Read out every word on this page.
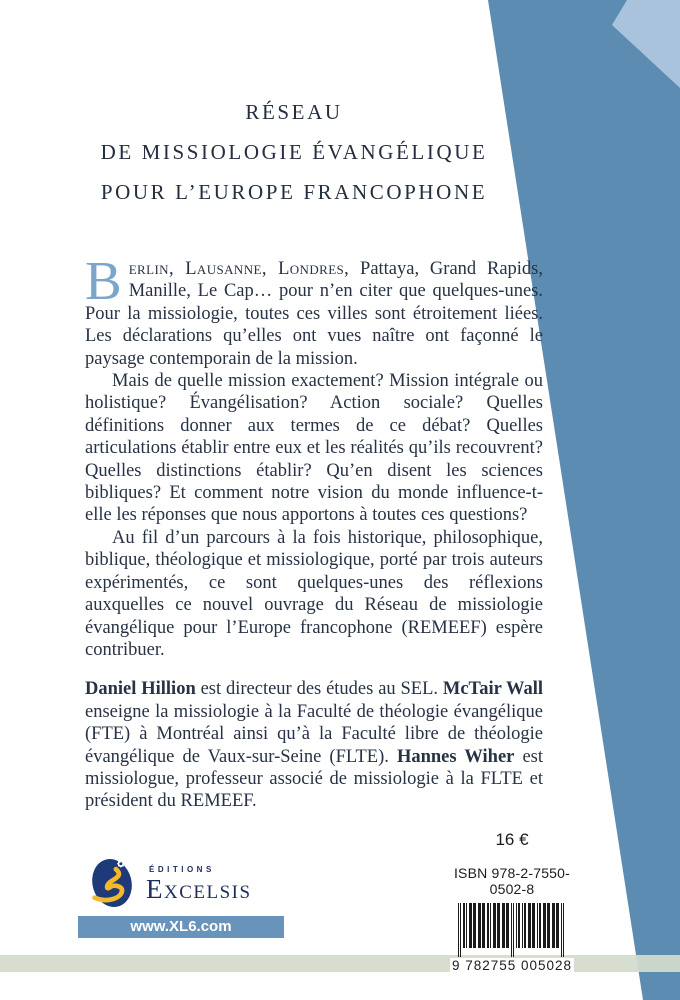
RÉSEAU
DE MISSIOLOGIE ÉVANGÉLIQUE
POUR L’EUROPE FRANCOPHONE

Berlin, Lausanne, Londres, Pattaya, Grand Rapids, Manille, Le Cap… pour n’en citer que quelques-unes. Pour la missiologie, toutes ces villes sont étroitement liées. Les déclarations qu’elles ont vues naître ont façonné le paysage contemporain de la mission.

Mais de quelle mission exactement? Mission intégrale ou holistique? Évangélisation? Action sociale? Quelles définitions donner aux termes de ce débat? Quelles articulations établir entre eux et les réalités qu’ils recouvrent? Quelles distinctions établir? Qu’en disent les sciences bibliques? Et comment notre vision du monde influence-t-elle les réponses que nous apportons à toutes ces questions?

Au fil d’un parcours à la fois historique, philosophique, biblique, théologique et missiologique, porté par trois auteurs expérimentés, ce sont quelques-unes des réflexions auxquelles ce nouvel ouvrage du Réseau de missiologie évangélique pour l’Europe francophone (REMEEF) espère contribuer.

Daniel Hillion est directeur des études au SEL. McTair Wall enseigne la missiologie à la Faculté de théologie évangélique (FTE) à Montréal ainsi qu’à la Faculté libre de théologie évangélique de Vaux-sur-Seine (FLTE). Hannes Wiher est missiologue, professeur associé de missiologie à la FLTE et président du REMEEF.

16 €
ISBN 978-2-7550-0502-8
9 782755 005028
ÉDITIONS
Excelsis
www.XL6.com
